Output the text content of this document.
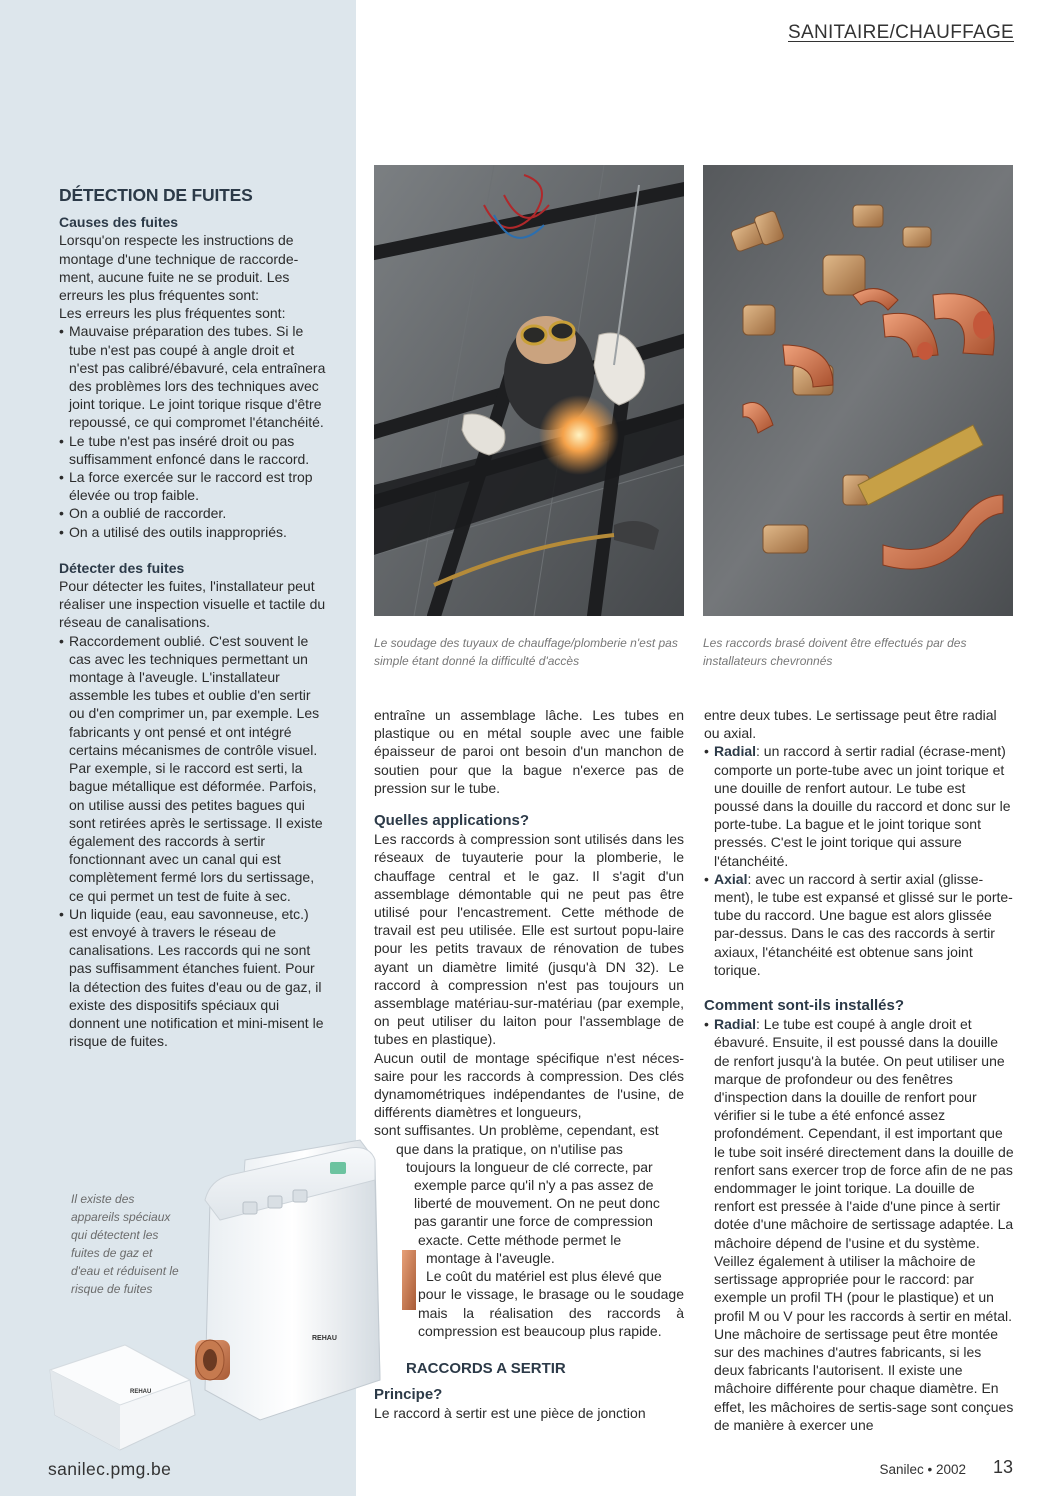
SANITAIRE/CHAUFFAGE
DÉTECTION DE FUITES
Causes des fuites

Lorsqu'on respecte les instructions de montage d'une technique de raccorde-ment, aucune fuite ne se produit. Les erreurs les plus fréquentes sont:

Les erreurs les plus fréquentes sont:

• Mauvaise préparation des tubes. Si le tube n'est pas coupé à angle droit et n'est pas calibré/ébavuré, cela entraînera des problèmes lors des techniques avec joint torique. Le joint torique risque d'être repoussé, ce qui compromet l'étanchéité.
• Le tube n'est pas inséré droit ou pas suffisamment enfoncé dans le raccord.
• La force exercée sur le raccord est trop élevée ou trop faible.
• On a oublié de raccorder.
• On a utilisé des outils inappropriés.
Détecter des fuites

Pour détecter les fuites, l'installateur peut réaliser une inspection visuelle et tactile du réseau de canalisations.

• Raccordement oublié. C'est souvent le cas avec les techniques permettant un montage à l'aveugle. L'installateur assemble les tubes et oublie d'en sertir ou d'en comprimer un, par exemple. Les fabricants y ont pensé et ont intégré certains mécanismes de contrôle visuel. Par exemple, si le raccord est serti, la bague métallique est déformée. Parfois, on utilise aussi des petites bagues qui sont retirées après le sertissage. Il existe également des raccords à sertir fonctionnant avec un canal qui est complètement fermé lors du sertissage, ce qui permet un test de fuite à sec.
• Un liquide (eau, eau savonneuse, etc.) est envoyé à travers le réseau de canalisations. Les raccords qui ne sont pas suffisamment étanches fuient. Pour la détection des fuites d'eau ou de gaz, il existe des dispositifs spéciaux qui donnent une notification et mini-misent le risque de fuites.
REHAU
REHAU
Il existe des appareils spéciaux qui détectent les fuites de gaz et d'eau et réduisent le risque de fuites
Le soudage des tuyaux de chauffage/plomberie n'est pas simple étant donné la difficulté d'accès
Les raccords brasé doivent être effectués par des installateurs chevronnés

entraîne un assemblage lâche. Les tubes en plastique ou en métal souple avec une faible épaisseur de paroi ont besoin d'un manchon de soutien pour que la bague n'exerce pas de pression sur le tube.

Quelles applications?

Les raccords à compression sont utilisés dans les réseaux de tuyauterie pour la plomberie, le chauffage central et le gaz. Il s'agit d'un assemblage démontable qui ne peut pas être utilisé pour l'encastrement. Cette méthode de travail est peu utilisée. Elle est surtout popu-laire pour les petits travaux de rénovation de tubes ayant un diamètre limité (jusqu'à DN 32). Le raccord à compression n'est pas toujours un assemblage matériau-sur-matériau (par exemple, on peut utiliser du laiton pour l'assemblage de tubes en plastique).

Aucun outil de montage spécifique n'est néces-saire pour les raccords à compression. Des clés dynamométriques indépendantes de l'usine, de différents diamètres et longueurs,

sont suffisantes. Un problème, cependant, est

que dans la pratique, on n'utilise pas

toujours la longueur de clé correcte, par

exemple parce qu'il n'y a pas assez de

liberté de mouvement. On ne peut donc

pas garantir une force de compression

exacte. Cette méthode permet le

montage à l'aveugle.

Le coût du matériel est plus élevé que

pour le vissage, le brasage ou le soudage mais la réalisation des raccords à compression est beaucoup plus rapide.

RACCORDS A SERTIR
Principe?

Le raccord à sertir est une pièce de jonction

entre deux tubes. Le sertissage peut être radial ou axial.

• Radial: un raccord à sertir radial (écrase-ment) comporte un porte-tube avec un joint torique et une douille de renfort autour. Le tube est poussé dans la douille du raccord et donc sur le porte-tube. La bague et le joint torique sont pressés. C'est le joint torique qui assure l'étanchéité.
• Axial: avec un raccord à sertir axial (glisse-ment), le tube est expansé et glissé sur le porte-tube du raccord. Une bague est alors glissée par-dessus. Dans le cas des raccords à sertir axiaux, l'étanchéité est obtenue sans joint torique.
Comment sont-ils installés?
• Radial: Le tube est coupé à angle droit et ébavuré. Ensuite, il est poussé dans la douille de renfort jusqu'à la butée. On peut utiliser une marque de profondeur ou des fenêtres d'inspection dans la douille de renfort pour vérifier si le tube a été enfoncé assez profondément. Cependant, il est important que le tube soit inséré directement dans la douille de renfort sans exercer trop de force afin de ne pas endommager le joint torique. La douille de renfort est pressée à l'aide d'une pince à sertir dotée d'une mâchoire de sertissage adaptée. La mâchoire dépend de l'usine et du système. Veillez également à utiliser la mâchoire de sertissage appropriée pour le raccord: par exemple un profil TH (pour le plastique) et un profil M ou V pour les raccords à sertir en métal. Une mâchoire de sertissage peut être montée sur des machines d'autres fabricants, si les deux fabricants l'autorisent. Il existe une mâchoire différente pour chaque diamètre. En effet, les mâchoires de sertis-sage sont conçues de manière à exercer une
sanilec.pmg.be	Sanilec • 2002 13
